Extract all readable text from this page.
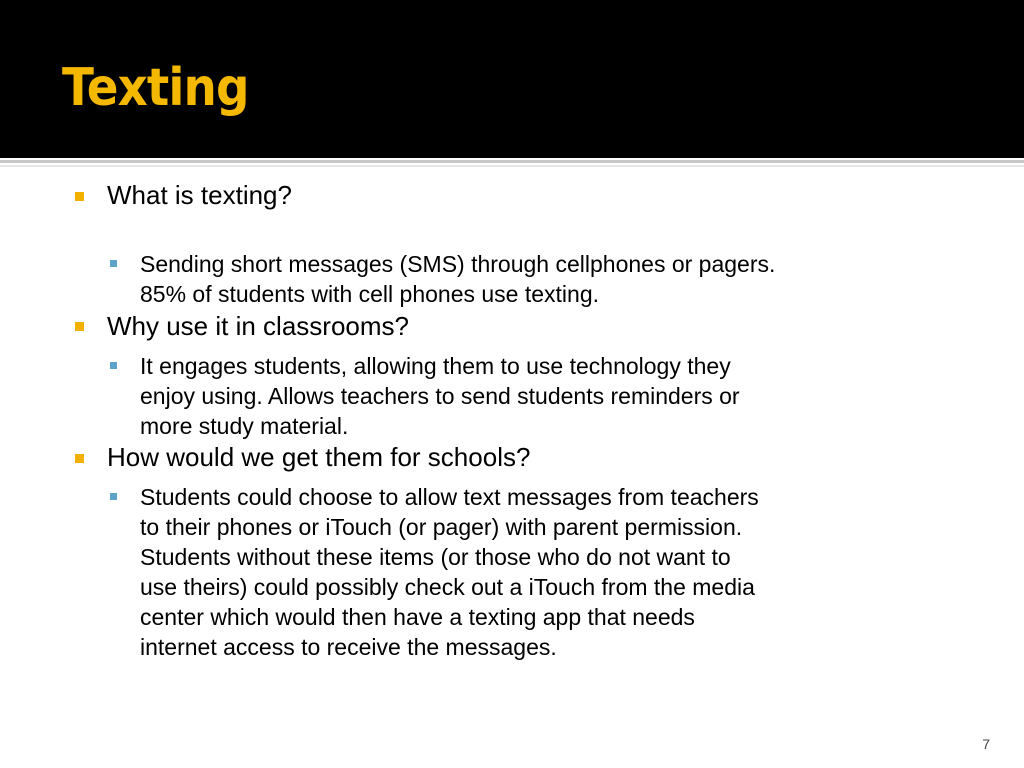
Texting

What is texting?

Sending short messages (SMS) through cellphones or pagers.
85% of students with cell phones use texting.

Why use it in classrooms?

It engages students, allowing them to use technology they
enjoy using. Allows teachers to send students reminders or
more study material.

How would we get them for schools?

Students could choose to allow text messages from teachers
to their phones or iTouch (or pager) with parent permission.
Students without these items (or those who do not want to
use theirs) could possibly check out a iTouch from the media
center which would then have a texting app that needs
internet access to receive the messages.
7
